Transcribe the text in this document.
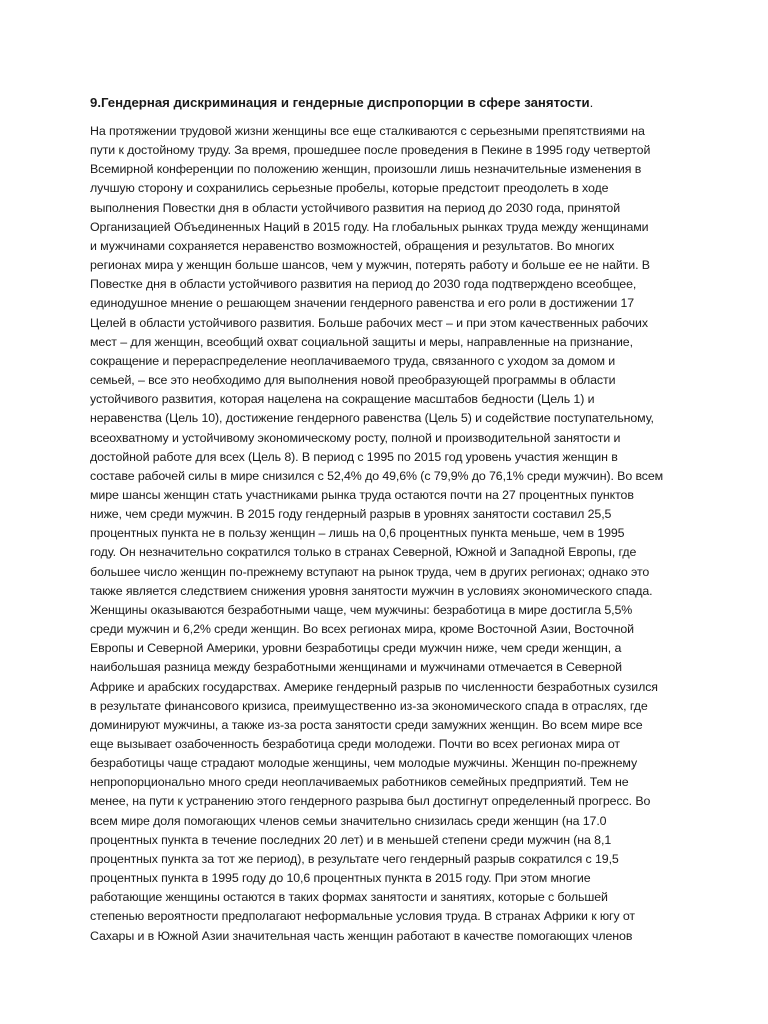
9.Гендерная дискриминация и гендерные диспропорции в сфере занятости.
На протяжении трудовой жизни женщины все еще сталкиваются с серьезными препятствиями на
пути к достойному труду. За время, прошедшее после проведения в Пекине в 1995 году четвертой
Всемирной конференции по положению женщин, произошли лишь незначительные изменения в
лучшую сторону и сохранились серьезные пробелы, которые предстоит преодолеть в ходе
выполнения Повестки дня в области устойчивого развития на период до 2030 года, принятой
Организацией Объединенных Наций в 2015 году. На глобальных рынках труда между женщинами
и мужчинами сохраняется неравенство возможностей, обращения и результатов. Во многих
регионах мира у женщин больше шансов, чем у мужчин, потерять работу и больше ее не найти. В
Повестке дня в области устойчивого развития на период до 2030 года подтверждено всеобщее,
единодушное мнение о решающем значении гендерного равенства и его роли в достижении 17
Целей в области устойчивого развития. Больше рабочих мест – и при этом качественных рабочих
мест – для женщин, всеобщий охват социальной защиты и меры, направленные на признание,
сокращение и перераспределение неоплачиваемого труда, связанного с уходом за домом и
семьей, – все это необходимо для выполнения новой преобразующей программы в области
устойчивого развития, которая нацелена на сокращение масштабов бедности (Цель 1) и
неравенства (Цель 10), достижение гендерного равенства (Цель 5) и содействие поступательному,
всеохватному и устойчивому экономическому росту, полной и производительной занятости и
достойной работе для всех (Цель 8). В период с 1995 по 2015 год уровень участия женщин в
составе рабочей силы в мире снизился с 52,4% до 49,6% (с 79,9% до 76,1% среди мужчин). Во всем
мире шансы женщин стать участниками рынка труда остаются почти на 27 процентных пунктов
ниже, чем среди мужчин. В 2015 году гендерный разрыв в уровнях занятости составил 25,5
процентных пункта не в пользу женщин – лишь на 0,6 процентных пункта меньше, чем в 1995
году. Он незначительно сократился только в странах Северной, Южной и Западной Европы, где
большее число женщин по-прежнему вступают на рынок труда, чем в других регионах; однако это
также является следствием снижения уровня занятости мужчин в условиях экономического спада.
Женщины оказываются безработными чаще, чем мужчины: безработица в мире достигла 5,5%
среди мужчин и 6,2% среди женщин. Во всех регионах мира, кроме Восточной Азии, Восточной
Европы и Северной Америки, уровни безработицы среди мужчин ниже, чем среди женщин, а
наибольшая разница между безработными женщинами и мужчинами отмечается в Северной
Африке и арабских государствах. Америке гендерный разрыв по численности безработных сузился
в результате финансового кризиса, преимущественно из-за экономического спада в отраслях, где
доминируют мужчины, а также из-за роста занятости среди замужних женщин. Во всем мире все
еще вызывает озабоченность безработица среди молодежи. Почти во всех регионах мира от
безработицы чаще страдают молодые женщины, чем молодые мужчины. Женщин по-прежнему
непропорционально много среди неоплачиваемых работников семейных предприятий. Тем не
менее, на пути к устранению этого гендерного разрыва был достигнут определенный прогресс. Во
всем мире доля помогающих членов семьи значительно снизилась среди женщин (на 17.0
процентных пункта в течение последних 20 лет) и в меньшей степени среди мужчин (на 8,1
процентных пункта за тот же период), в результате чего гендерный разрыв сократился с 19,5
процентных пункта в 1995 году до 10,6 процентных пункта в 2015 году. При этом многие
работающие женщины остаются в таких формах занятости и занятиях, которые с большей
степенью вероятности предполагают неформальные условия труда. В странах Африки к югу от
Сахары и в Южной Азии значительная часть женщин работают в качестве помогающих членов
